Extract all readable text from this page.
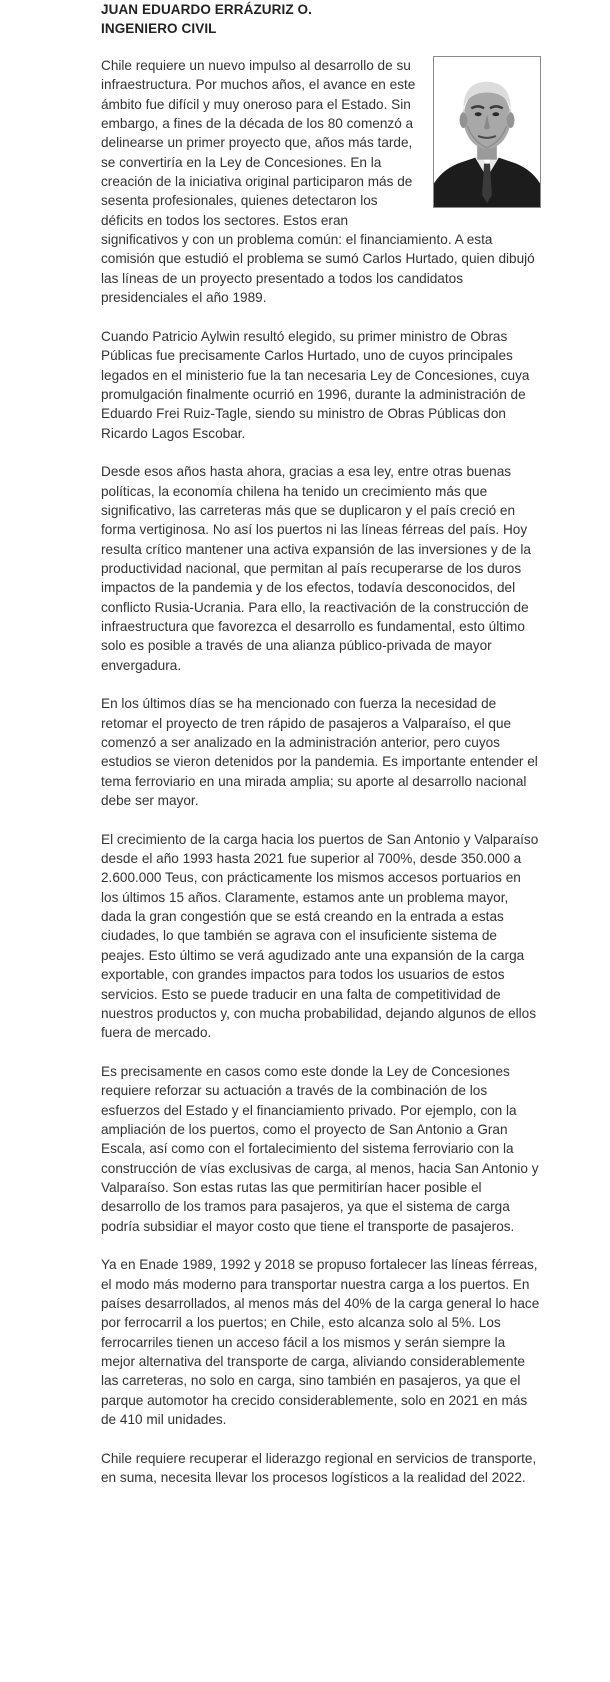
JUAN EDUARDO ERRÁZURIZ O.
INGENIERO CIVIL

Chile requiere un nuevo impulso al desarrollo de su infraestructura. Por muchos años, el avance en este ámbito fue difícil y muy oneroso para el Estado. Sin embargo, a fines de la década de los 80 comenzó a delinearse un primer proyecto que, años más tarde, se convertiría en la Ley de Concesiones. En la creación de la iniciativa original participaron más de sesenta profesionales, quienes detectaron los déficits en todos los sectores. Estos eran significativos y con un problema común: el financiamiento. A esta comisión que estudió el problema se sumó Carlos Hurtado, quien dibujó las líneas de un proyecto presentado a todos los candidatos presidenciales el año 1989.

Cuando Patricio Aylwin resultó elegido, su primer ministro de Obras Públicas fue precisamente Carlos Hurtado, uno de cuyos principales legados en el ministerio fue la tan necesaria Ley de Concesiones, cuya promulgación finalmente ocurrió en 1996, durante la administración de Eduardo Frei Ruiz-Tagle, siendo su ministro de Obras Públicas don Ricardo Lagos Escobar.

Desde esos años hasta ahora, gracias a esa ley, entre otras buenas políticas, la economía chilena ha tenido un crecimiento más que significativo, las carreteras más que se duplicaron y el país creció en forma vertiginosa. No así los puertos ni las líneas férreas del país. Hoy resulta crítico mantener una activa expansión de las inversiones y de la productividad nacional, que permitan al país recuperarse de los duros impactos de la pandemia y de los efectos, todavía desconocidos, del conflicto Rusia-Ucrania. Para ello, la reactivación de la construcción de infraestructura que favorezca el desarrollo es fundamental, esto último solo es posible a través de una alianza público-privada de mayor envergadura.

En los últimos días se ha mencionado con fuerza la necesidad de retomar el proyecto de tren rápido de pasajeros a Valparaíso, el que comenzó a ser analizado en la administración anterior, pero cuyos estudios se vieron detenidos por la pandemia. Es importante entender el tema ferroviario en una mirada amplia; su aporte al desarrollo nacional debe ser mayor.

El crecimiento de la carga hacia los puertos de San Antonio y Valparaíso desde el año 1993 hasta 2021 fue superior al 700%, desde 350.000 a 2.600.000 Teus, con prácticamente los mismos accesos portuarios en los últimos 15 años. Claramente, estamos ante un problema mayor, dada la gran congestión que se está creando en la entrada a estas ciudades, lo que también se agrava con el insuficiente sistema de peajes. Esto último se verá agudizado ante una expansión de la carga exportable, con grandes impactos para todos los usuarios de estos servicios. Esto se puede traducir en una falta de competitividad de nuestros productos y, con mucha probabilidad, dejando algunos de ellos fuera de mercado.

Es precisamente en casos como este donde la Ley de Concesiones requiere reforzar su actuación a través de la combinación de los esfuerzos del Estado y el financiamiento privado. Por ejemplo, con la ampliación de los puertos, como el proyecto de San Antonio a Gran Escala, así como con el fortalecimiento del sistema ferroviario con la construcción de vías exclusivas de carga, al menos, hacia San Antonio y Valparaíso. Son estas rutas las que permitirían hacer posible el desarrollo de los tramos para pasajeros, ya que el sistema de carga podría subsidiar el mayor costo que tiene el transporte de pasajeros.

Ya en Enade 1989, 1992 y 2018 se propuso fortalecer las líneas férreas, el modo más moderno para transportar nuestra carga a los puertos. En países desarrollados, al menos más del 40% de la carga general lo hace por ferrocarril a los puertos; en Chile, esto alcanza solo al 5%. Los ferrocarriles tienen un acceso fácil a los mismos y serán siempre la mejor alternativa del transporte de carga, aliviando considerablemente las carreteras, no solo en carga, sino también en pasajeros, ya que el parque automotor ha crecido considerablemente, solo en 2021 en más de 410 mil unidades.

Chile requiere recuperar el liderazgo regional en servicios de transporte, en suma, necesita llevar los procesos logísticos a la realidad del 2022.
